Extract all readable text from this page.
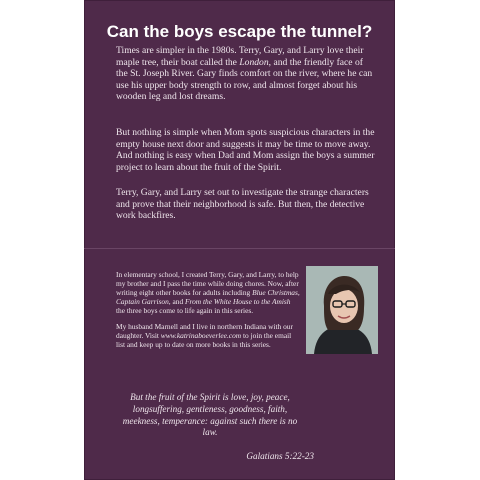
Can the boys escape the tunnel?
Times are simpler in the 1980s. Terry, Gary, and Larry love their maple tree, their boat called the London, and the friendly face of the St. Joseph River. Gary finds comfort on the river, where he can use his upper body strength to row, and almost forget about his wooden leg and lost dreams.
But nothing is simple when Mom spots suspicious characters in the empty house next door and suggests it may be time to move away. And nothing is easy when Dad and Mom assign the boys a summer project to learn about the fruit of the Spirit.
Terry, Gary, and Larry set out to investigate the strange characters and prove that their neighborhood is safe. But then, the detective work backfires.
In elementary school, I created Terry, Gary, and Larry, to help my brother and I pass the time while doing chores. Now, after writing eight other books for adults including Blue Christmas, Captain Garrison, and From the White House to the Amish the three boys come to life again in this series.
My husband Marnell and I live in northern Indiana with our daughter. Visit www.katrinaboeverlee.com to join the email list and keep up to date on more books in this series.
But the fruit of the Spirit is love, joy, peace, longsuffering, gentleness, goodness, faith, meekness, temperance: against such there is no law.
Galatians 5:22-23
